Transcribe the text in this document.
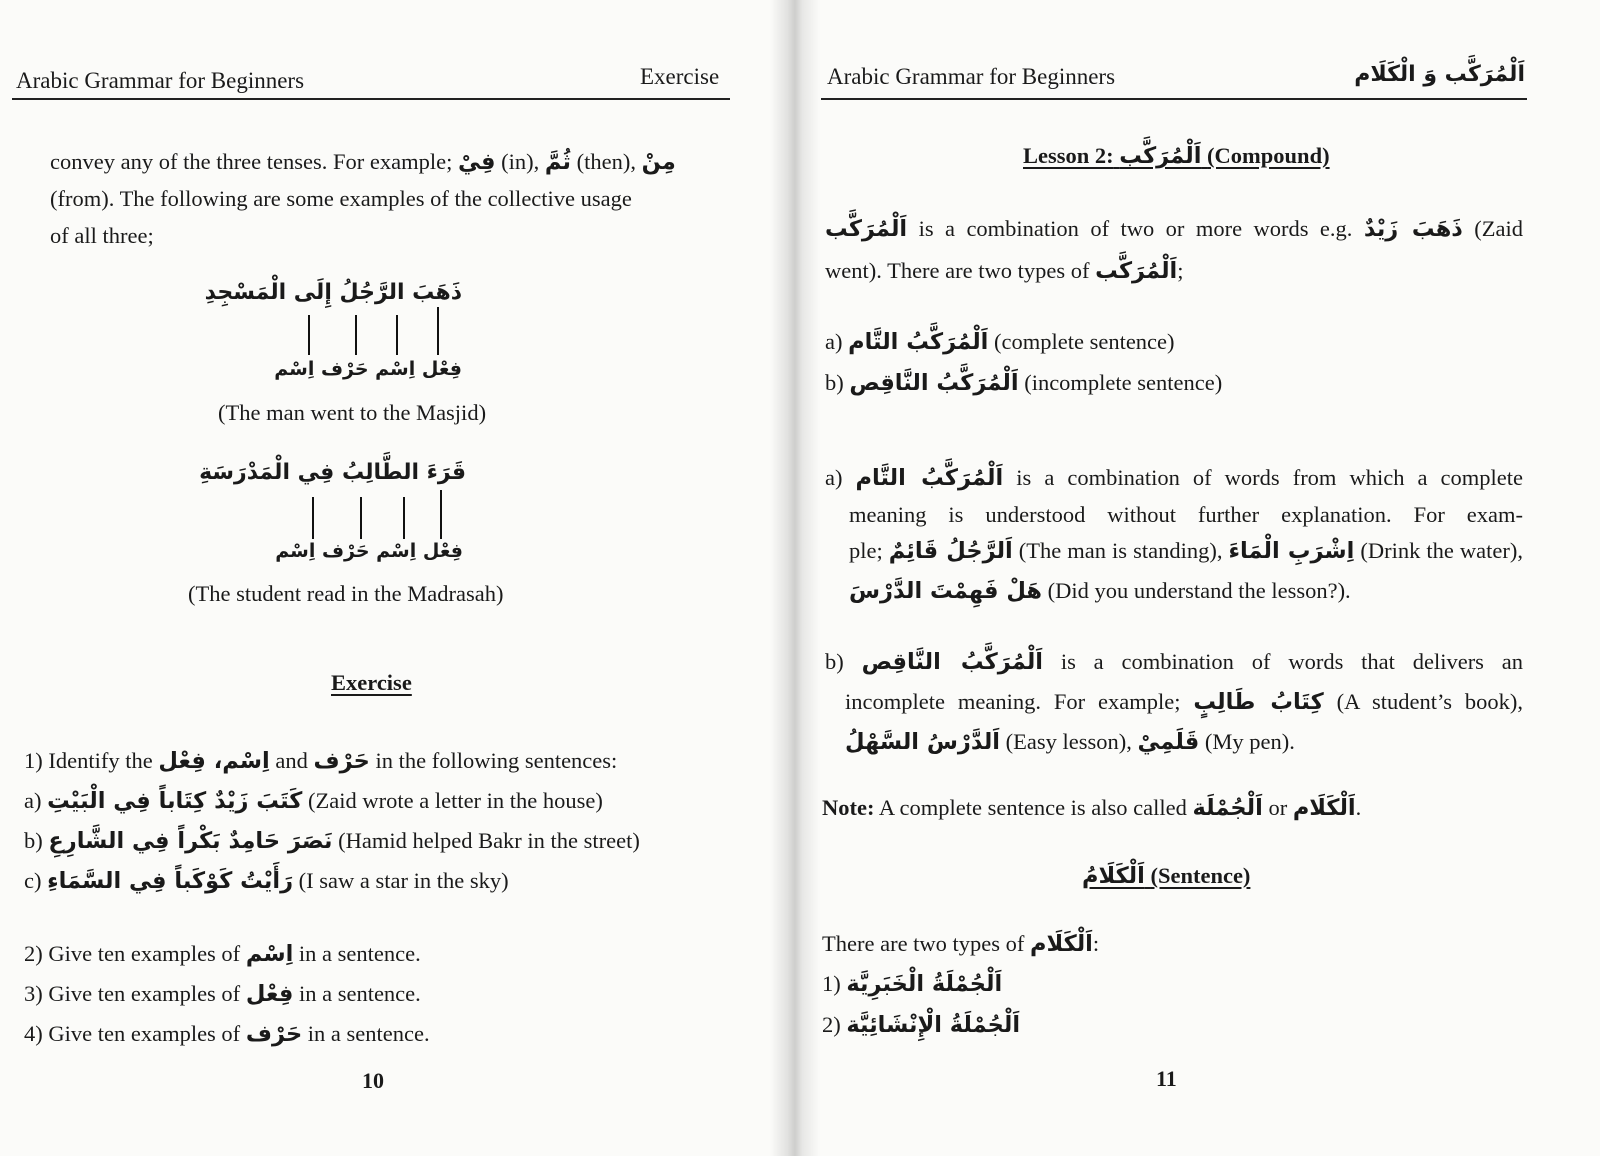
Arabic Grammar for Beginners	Exercise
convey any of the three tenses. For example; فِيْ (in), ثُمَّ (then), مِنْ
(from). The following are some examples of the collective usage
of all three;
ذَهَبَ الرَّجُلُ إِلَى الْمَسْجِدِ
فِعْل اِسْم حَرْف اِسْم
(The man went to the Masjid)
قَرَءَ الطَّالِبُ فِي الْمَدْرَسَةِ
فِعْل اِسْم حَرْف اِسْم
(The student read in the Madrasah)
Exercise
1) Identify the اِسْم، فِعْل and حَرْف in the following sentences:
a) كَتَبَ زَيْدٌ كِتَاباً فِي الْبَيْتِ (Zaid wrote a letter in the house)
b) نَصَرَ حَامِدٌ بَكْراً فِي الشَّارِعِ (Hamid helped Bakr in the street)
c) رَأَيْتُ كَوْكَباً فِي السَّمَاءِ (I saw a star in the sky)
2) Give ten examples of اِسْم in a sentence.
3) Give ten examples of فِعْل in a sentence.
4) Give ten examples of حَرْف in a sentence.
10
Arabic Grammar for Beginners	اَلْمُرَكَّب وَ الْكَلَام
Lesson 2: اَلْمُرَكَّب (Compound)
اَلْمُرَكَّب is a combination of two or more words e.g. ذَهَبَ زَيْدٌ (Zaid
went). There are two types of اَلْمُرَكَّب;
a) اَلْمُرَكَّبُ التَّام (complete sentence)
b) اَلْمُرَكَّبُ النَّاقِص (incomplete sentence)
a) اَلْمُرَكَّبُ التَّام is a combination of words from which a complete
meaning is understood without further explanation. For exam-
ple; اَلرَّجُلُ قَائِمٌ (The man is standing), اِشْرَبِ الْمَاءَ (Drink the water),
هَلْ فَهِمْتَ الدَّرْسَ (Did you understand the lesson?).
b) اَلْمُرَكَّبُ النَّاقِص is a combination of words that delivers an
incomplete meaning. For example; كِتَابُ طَالِبٍ (A student’s book),
اَلدَّرْسُ السَّهْلُ (Easy lesson), قَلَمِيْ (My pen).
Note: A complete sentence is also called اَلْجُمْلَة or اَلْكَلَام.
اَلْكَلَامُ (Sentence)
There are two types of اَلْكَلَام:
1) اَلْجُمْلَةُ الْخَبَرِيَّة
2) اَلْجُمْلَةُ الْإِنْشَائِيَّة
11
